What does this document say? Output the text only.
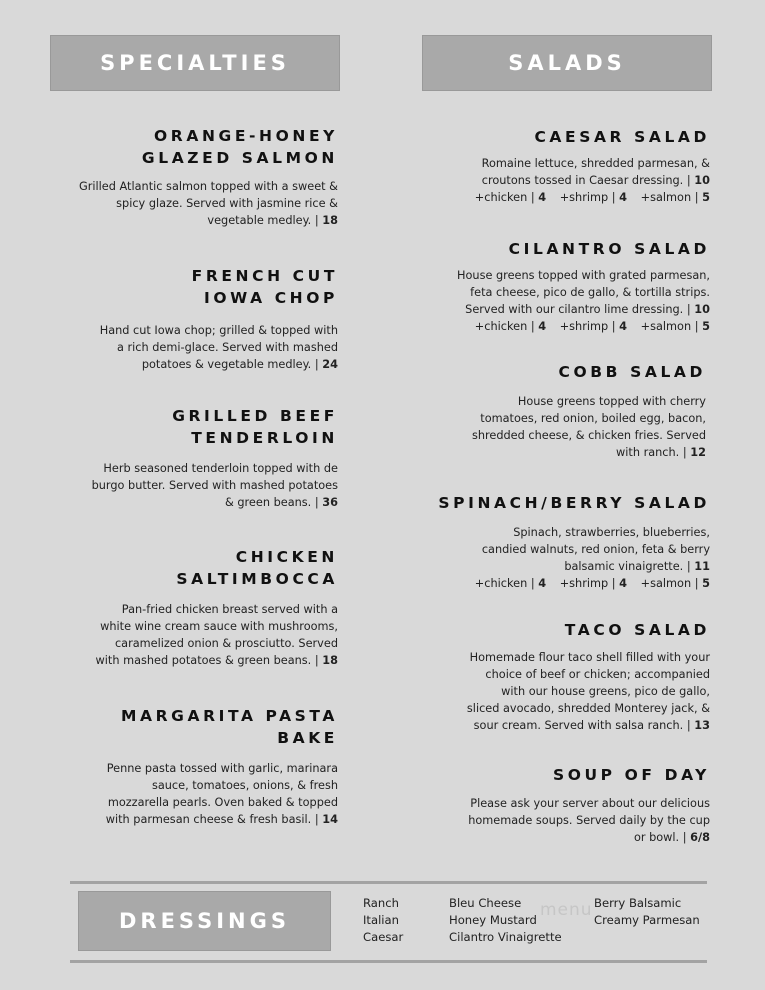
SPECIALTIES	SALADS
ORANGE-HONEY
GLAZED SALMON
Grilled Atlantic salmon topped with a sweet &
spicy glaze. Served with jasmine rice &
vegetable medley. | 18
FRENCH CUT
IOWA CHOP
Hand cut Iowa chop; grilled & topped with
a rich demi-glace. Served with mashed
potatoes & vegetable medley. | 24
GRILLED BEEF
TENDERLOIN
Herb seasoned tenderloin topped with de
burgo butter. Served with mashed potatoes
& green beans. | 36
CHICKEN
SALTIMBOCCA
Pan-fried chicken breast served with a
white wine cream sauce with mushrooms,
caramelized onion & prosciutto. Served
with mashed potatoes & green beans. | 18
MARGARITA PASTA
BAKE
Penne pasta tossed with garlic, marinara
sauce, tomatoes, onions, & fresh
mozzarella pearls. Oven baked & topped
with parmesan cheese & fresh basil. | 14
CAESAR SALAD
Romaine lettuce, shredded parmesan, &
croutons tossed in Caesar dressing. | 10
+chicken | 4 +shrimp | 4 +salmon | 5
CILANTRO SALAD
House greens topped with grated parmesan,
feta cheese, pico de gallo, & tortilla strips.
Served with our cilantro lime dressing. | 10
+chicken | 4 +shrimp | 4 +salmon | 5
COBB SALAD
House greens topped with cherry
tomatoes, red onion, boiled egg, bacon,
shredded cheese, & chicken fries. Served
with ranch. | 12
SPINACH/BERRY SALAD
Spinach, strawberries, blueberries,
candied walnuts, red onion, feta & berry
balsamic vinaigrette. | 11
+chicken | 4 +shrimp | 4 +salmon | 5
TACO SALAD
Homemade flour taco shell filled with your
choice of beef or chicken; accompanied
with our house greens, pico de gallo,
sliced avocado, shredded Monterey jack, &
sour cream. Served with salsa ranch. | 13
SOUP OF DAY
Please ask your server about our delicious
homemade soups. Served daily by the cup
or bowl. | 6/8
DRESSINGS
Ranch
Italian
Caesar
Bleu Cheese
Honey Mustard
Cilantro Vinaigrette
Berry Balsamic
Creamy Parmesan
menu
